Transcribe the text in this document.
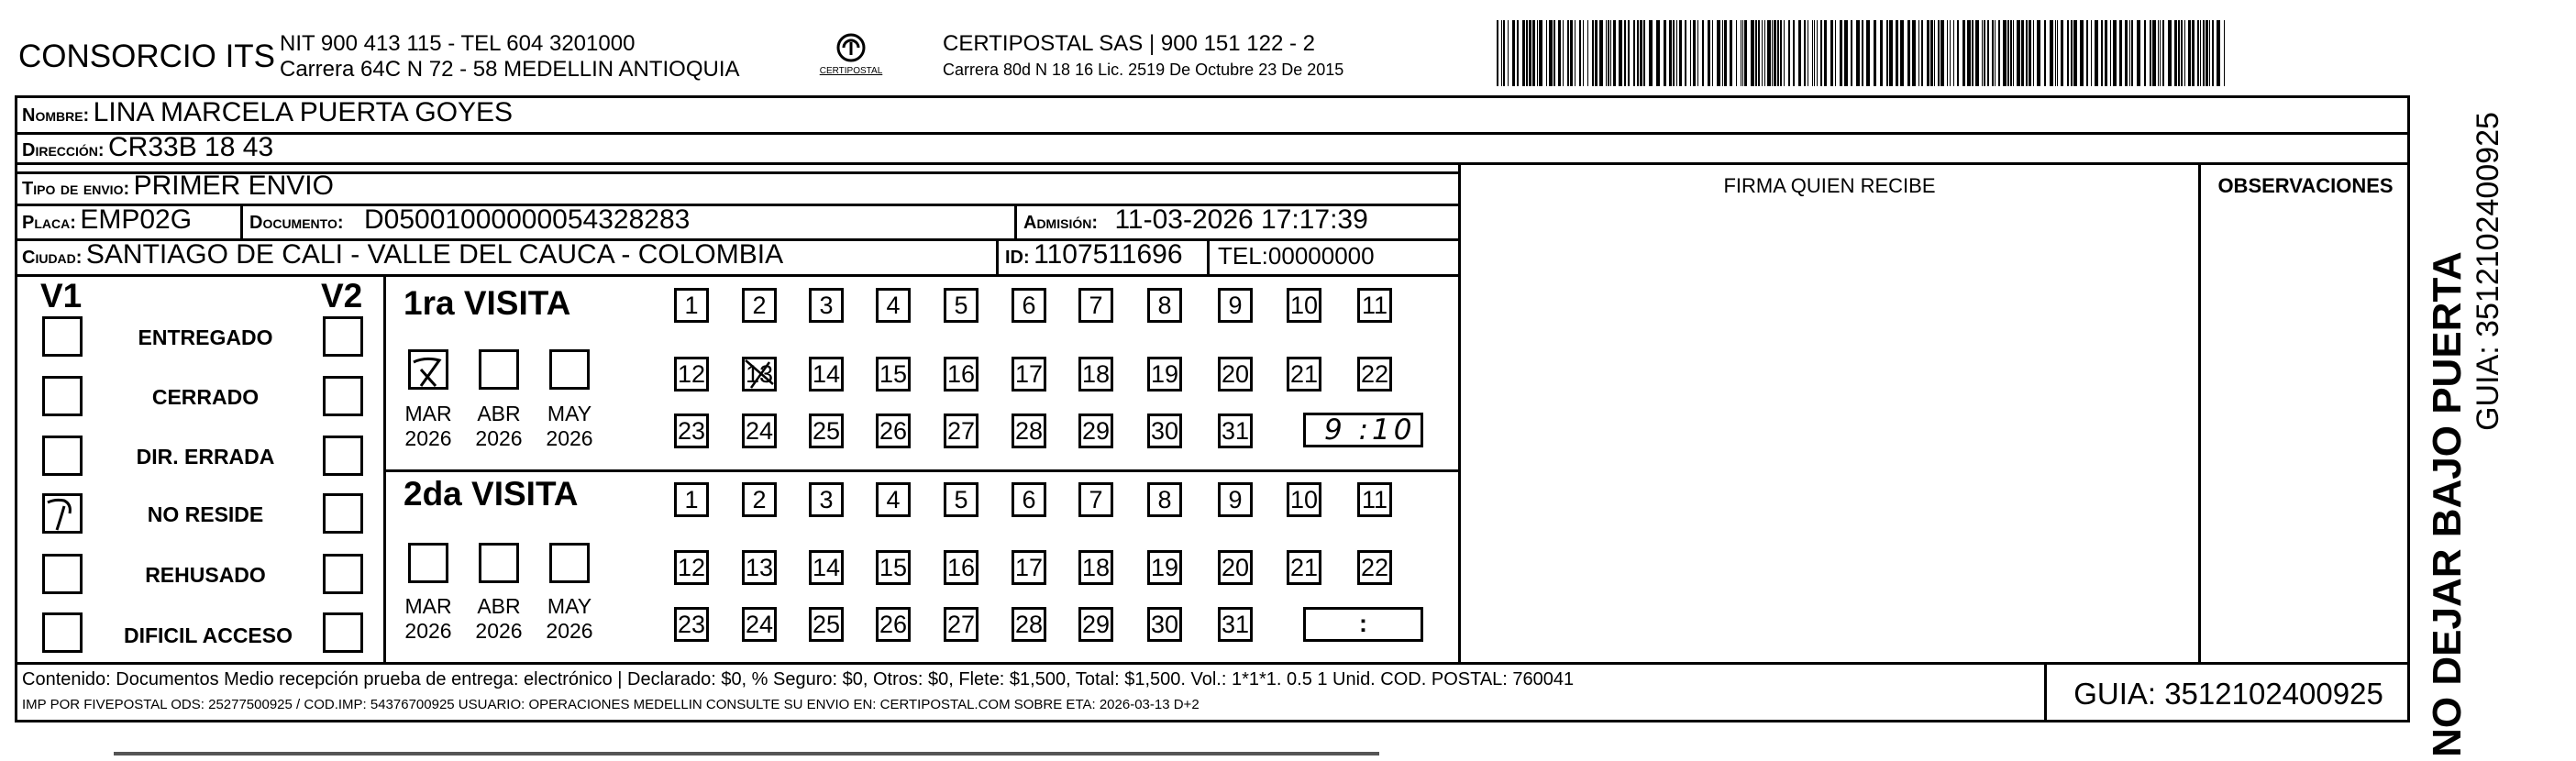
CONSORCIO ITS NIT 900 413 115 - TEL 604 3201000
Carrera 64C N 72 - 58 MEDELLIN ANTIOQUIA	CERTIPOSTAL
CERTIPOSTAL SAS | 900 151 122 - 2
Carrera 80d N 18 16 Lic. 2519 De Octubre 23 De 2015
Nombre: LINA MARCELA PUERTA GOYES
Dirección: CR33B 18 43
Tipo de envio: PRIMER ENVIO
Placa: EMP02G	Documento: D05001000000054328283	Admisión: 11-03-2026 17:17:39
Ciudad: SANTIAGO DE CALI - VALLE DEL CAUCA - COLOMBIA	ID: 1107511696 TEL:00000000
FIRMA QUIEN RECIBE	OBSERVACIONES
V1	V2
ENTREGADO
CERRADO
DIR. ERRADA
NO RESIDE
REHUSADO
DIFICIL ACCESO
1ra VISITA
MAR
2026
ABR
2026
MAY
2026
2da VISITA
MAR
2026
ABR
2026
MAY
2026
1	2	3	4	5	6	7	8	9	10 11
12 13 14 15 16 17 18 19 20 21 22
23 24 25 26 27 28 29 30 31
1	2	3	4	5	6	7	8	9	10 11
12 13 14 15 16 17 18 19 20 21 22
23 24 25 26 27 28 29 30 31
9 :10
:
Contenido: Documentos Medio recepción prueba de entrega: electrónico | Declarado: $0, % Seguro: $0, Otros: $0, Flete: $1,500, Total: $1,500. Vol.: 1*1*1. 0.5 1 Unid. COD. POSTAL: 760041
IMP POR FIVEPOSTAL ODS: 25277500925 / COD.IMP: 54376700925 USUARIO: OPERACIONES MEDELLIN CONSULTE SU ENVIO EN: CERTIPOSTAL.COM SOBRE ETA: 2026-03-13 D+2	GUIA: 3512102400925	NO DEJAR BAJO PUERTA GUIA: 3512102400925
